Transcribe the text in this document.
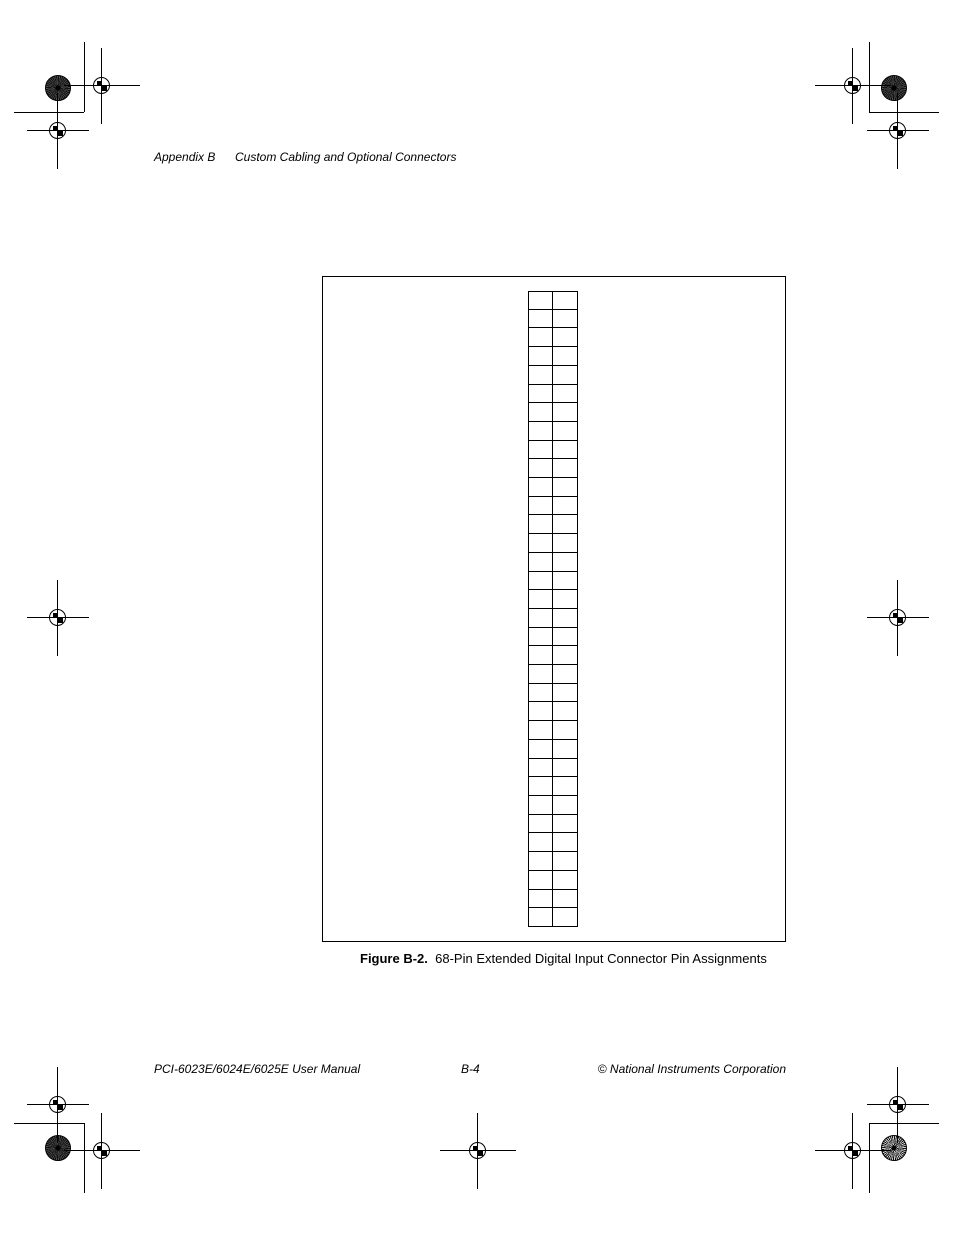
Appendix B Custom Cabling and Optional Connectors
Figure B-2. 68-Pin Extended Digital Input Connector Pin Assignments
PCI-6023E/6024E/6025E User Manual	B-4	© National Instruments Corporation
